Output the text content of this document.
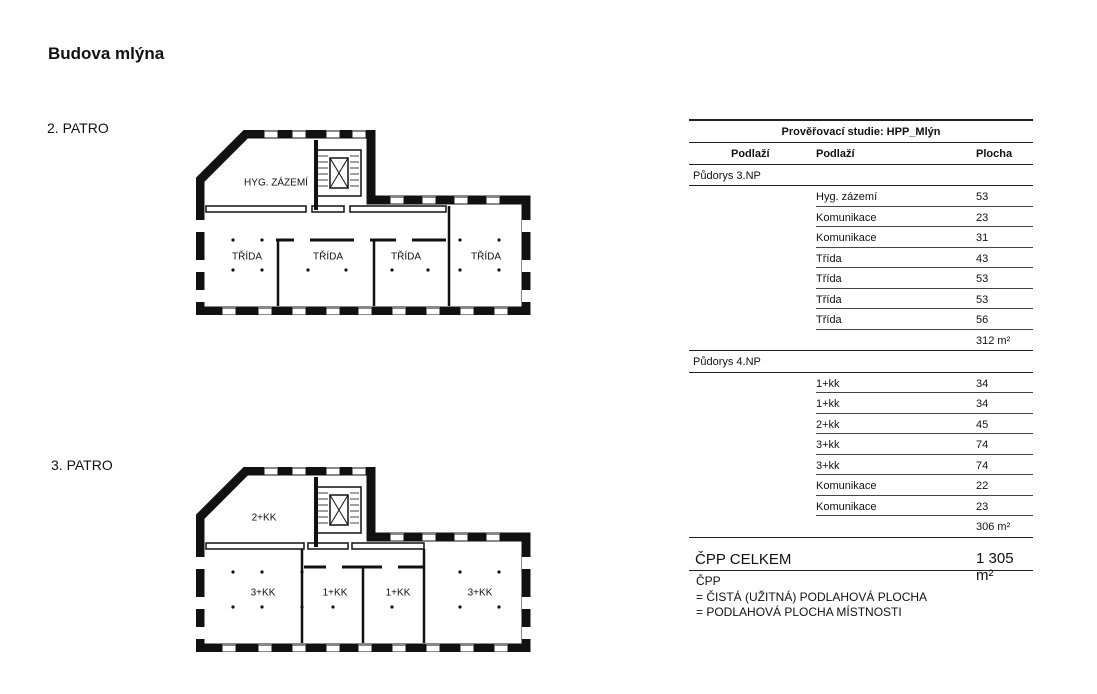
Budova mlýna
2. PATRO
HYG. ZÁZEMÍ
TŘÍDA	TŘÍDA	TŘÍDA	TŘÍDA
3. PATRO
2+KK
3+KK	1+KK	1+KK	3+KK
Prověřovací studie: HPP_Mlýn
Podlaží	Podlaží	Plocha
Půdorys 3.NP
Hyg. zázemí	53
Komunikace	23
Komunikace	31
Třída	43
Třída	53
Třída	53
Třída	56
312 m²
Půdorys 4.NP
1+kk	34
1+kk	34
2+kk	45
3+kk	74
3+kk	74
Komunikace	22
Komunikace	23
306 m²
ČPP CELKEM	1 305 m²
ČPP
= ČISTÁ (UŽITNÁ) PODLAHOVÁ PLOCHA
= PODLAHOVÁ PLOCHA MÍSTNOSTI
